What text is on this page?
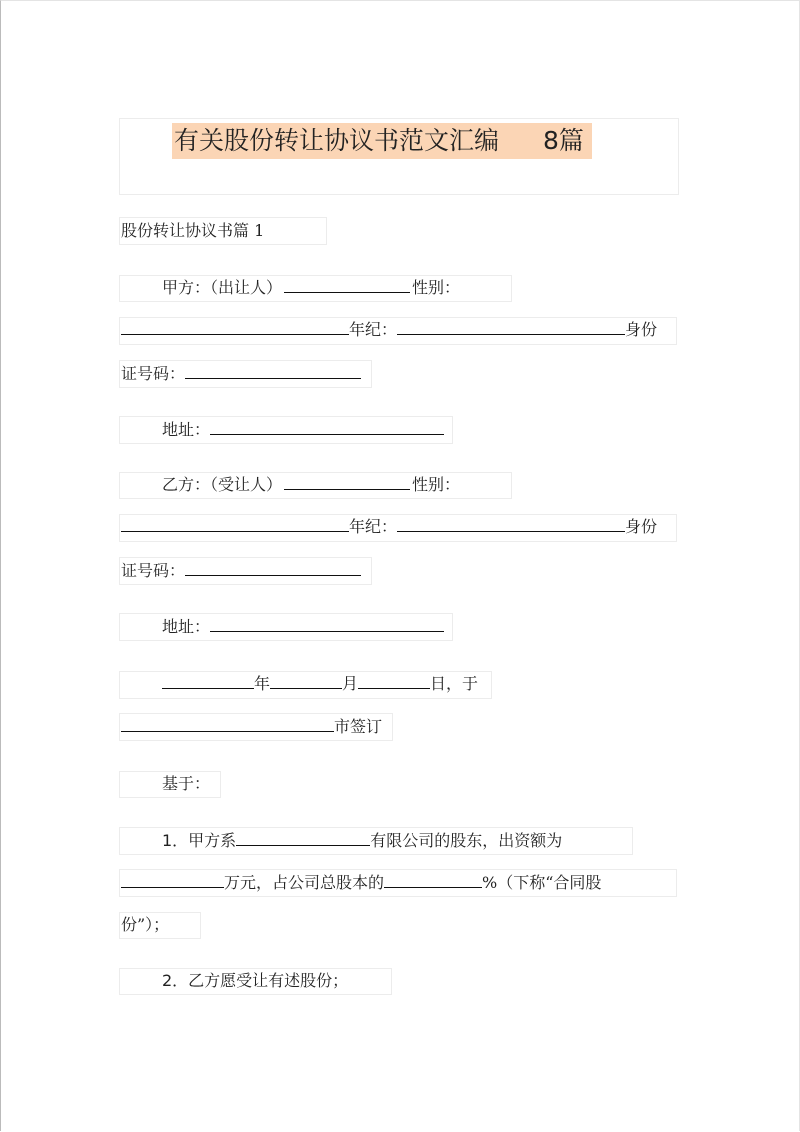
有关股份转让协议书范文汇编 8篇
股份转让协议书篇 1
甲方：（出让人）	性别：
年纪：	身份
证号码：
地址：
乙方：（受让人）	性别：
年纪：	身份
证号码：
地址：
年	月	日，于
市签订
基于：
1．甲方系	有限公司的股东，出资额为
万元，占公司总股本的	%（下称“合同股
份”）；
2．乙方愿受让有述股份；
